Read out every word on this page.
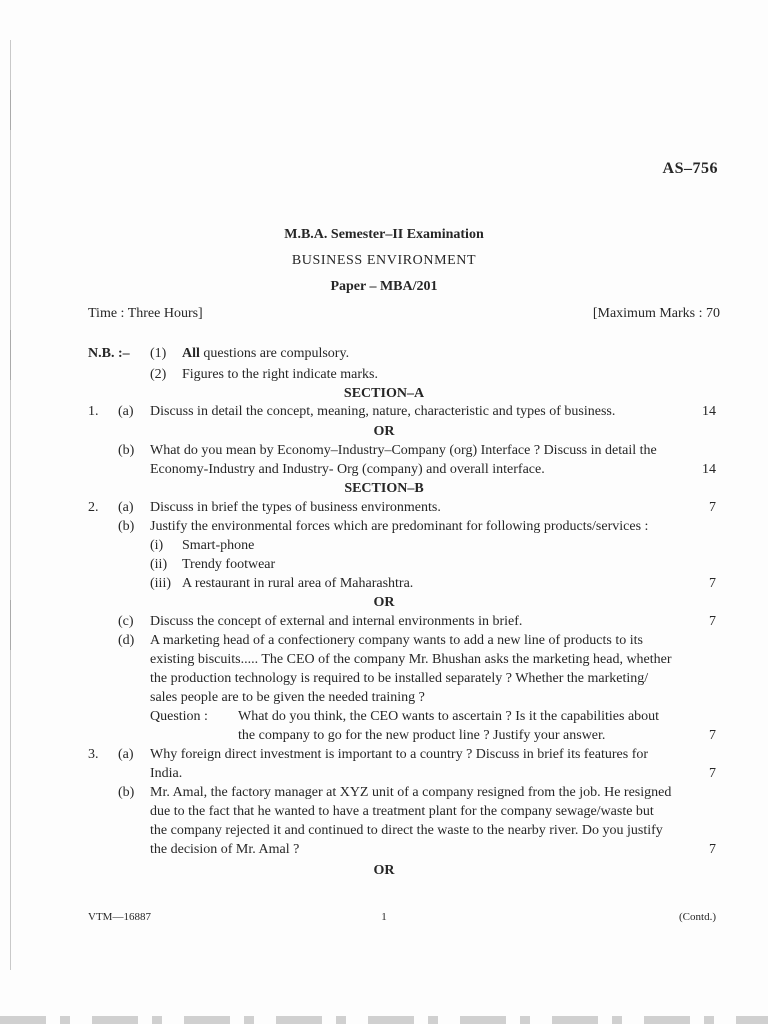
AS–756
M.B.A. Semester–II Examination
BUSINESS ENVIRONMENT
Paper – MBA/201
Time : Three Hours]	[Maximum Marks : 70
N.B. :– (1) All questions are compulsory.
(2) Figures to the right indicate marks.
SECTION–A
1. (a) Discuss in detail the concept, meaning, nature, characteristic and types of business.	14
OR
(b) What do you mean by Economy–Industry–Company (org) Interface ? Discuss in detail the
Economy-Industry and Industry- Org (company) and overall interface.	14
SECTION–B
2. (a) Discuss in brief the types of business environments.	7
(b) Justify the environmental forces which are predominant for following products/services :
(i) Smart-phone
(ii) Trendy footwear
(iii) A restaurant in rural area of Maharashtra.	7
OR
(c) Discuss the concept of external and internal environments in brief.	7
(d) A marketing head of a confectionery company wants to add a new line of products to its
existing biscuits..... The CEO of the company Mr. Bhushan asks the marketing head, whether
the production technology is required to be installed separately ? Whether the marketing/
sales people are to be given the needed training ?
Question : What do you think, the CEO wants to ascertain ? Is it the capabilities about
the company to go for the new product line ? Justify your answer.	7
3. (a) Why foreign direct investment is important to a country ? Discuss in brief its features for
India.	7
(b) Mr. Amal, the factory manager at XYZ unit of a company resigned from the job. He resigned
due to the fact that he wanted to have a treatment plant for the company sewage/waste but
the company rejected it and continued to direct the waste to the nearby river. Do you justify
the decision of Mr. Amal ?	7
OR
VTM—16887	1	(Contd.)
